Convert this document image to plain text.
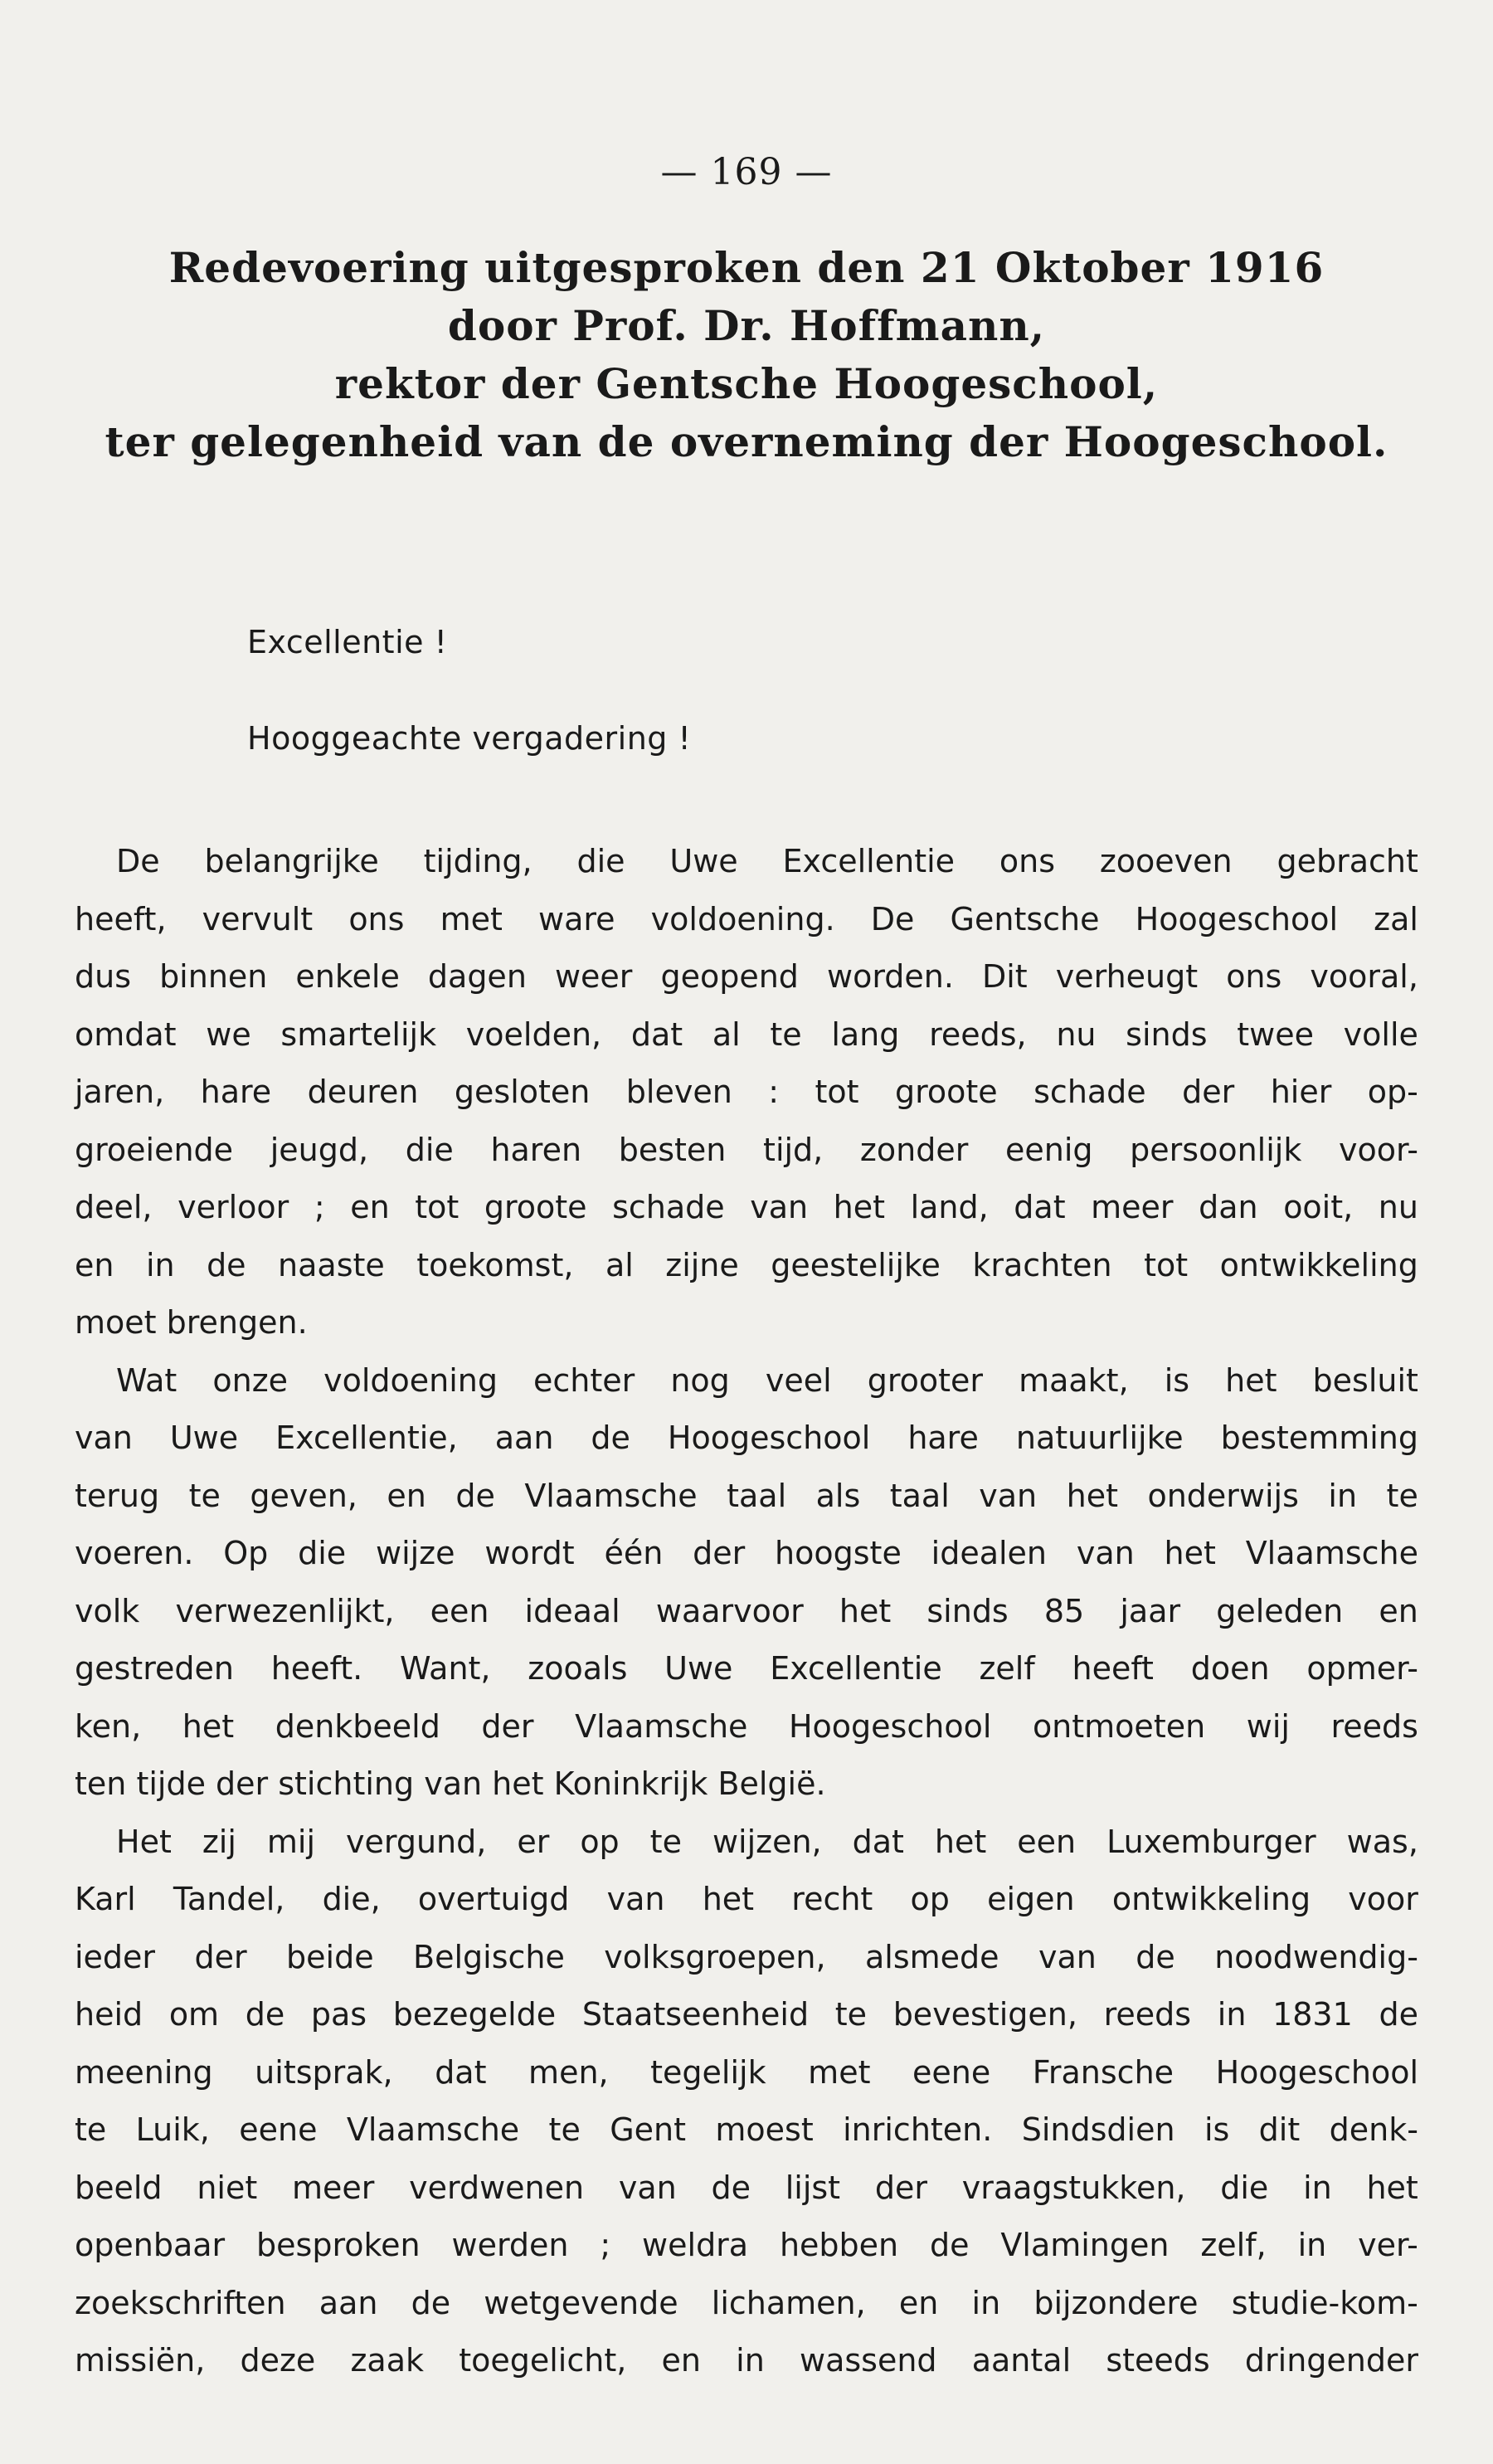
— 169 —
Redevoering uitgesproken den 21 Oktober 1916
door Prof. Dr. Hoffmann,
rektor der Gentsche Hoogeschool,
ter gelegenheid van de overneming der Hoogeschool.
Excellentie !
Hooggeachte vergadering !
De belangrijke tijding, die Uwe Excellentie ons zooeven gebracht
heeft, vervult ons met ware voldoening. De Gentsche Hoogeschool zal
dus binnen enkele dagen weer geopend worden. Dit verheugt ons vooral,
omdat we smartelijk voelden, dat al te lang reeds, nu sinds twee volle
jaren, hare deuren gesloten bleven : tot groote schade der hier op-
groeiende jeugd, die haren besten tijd, zonder eenig persoonlijk voor-
deel, verloor ; en tot groote schade van het land, dat meer dan ooit, nu
en in de naaste toekomst, al zijne geestelijke krachten tot ontwikkeling
moet brengen.
Wat onze voldoening echter nog veel grooter maakt, is het besluit
van Uwe Excellentie, aan de Hoogeschool hare natuurlijke bestemming
terug te geven, en de Vlaamsche taal als taal van het onderwijs in te
voeren. Op die wijze wordt één der hoogste idealen van het Vlaamsche
volk verwezenlijkt, een ideaal waarvoor het sinds 85 jaar geleden en
gestreden heeft. Want, zooals Uwe Excellentie zelf heeft doen opmer-
ken, het denkbeeld der Vlaamsche Hoogeschool ontmoeten wij reeds
ten tijde der stichting van het Koninkrijk België.
Het zij mij vergund, er op te wijzen, dat het een Luxemburger was,
Karl Tandel, die, overtuigd van het recht op eigen ontwikkeling voor
ieder der beide Belgische volksgroepen, alsmede van de noodwendig-
heid om de pas bezegelde Staatseenheid te bevestigen, reeds in 1831 de
meening uitsprak, dat men, tegelijk met eene Fransche Hoogeschool
te Luik, eene Vlaamsche te Gent moest inrichten. Sindsdien is dit denk-
beeld niet meer verdwenen van de lijst der vraagstukken, die in het
openbaar besproken werden ; weldra hebben de Vlamingen zelf, in ver-
zoekschriften aan de wetgevende lichamen, en in bijzondere studie-kom-
missiën, deze zaak toegelicht, en in wassend aantal steeds dringender
